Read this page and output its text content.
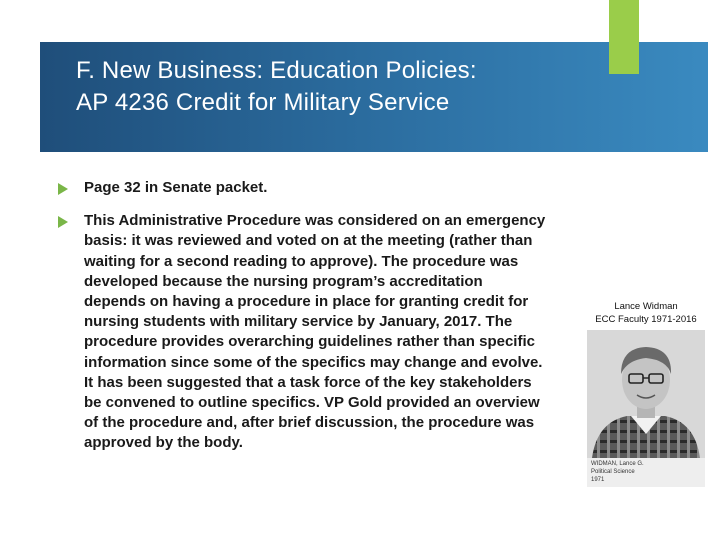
F. New Business: Education Policies:
AP 4236 Credit for Military Service
Page 32 in Senate packet.
This Administrative Procedure was considered on an emergency basis: it was reviewed and voted on at the meeting (rather than waiting for a second reading to approve). The procedure was developed because the nursing program’s accreditation depends on having a procedure in place for granting credit for nursing students with military service by January, 2017. The procedure provides overarching guidelines rather than specific information since some of the specifics may change and evolve. It has been suggested that a task force of the key stakeholders be convened to outline specifics. VP Gold provided an overview of the procedure and, after brief discussion, the procedure was approved by the body.
Lance Widman
ECC Faculty 1971-2016
WIDMAN, Lance G.
Political Science
1971
